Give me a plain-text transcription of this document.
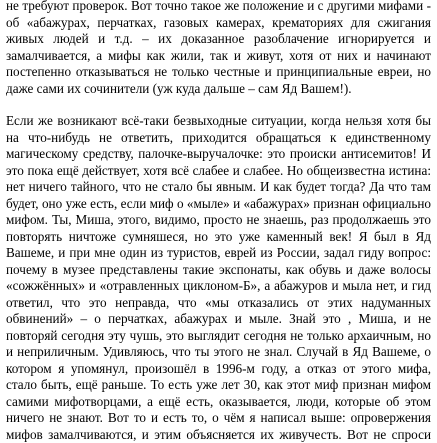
не требуют проверок. Вот точно такое же положение и с другими мифами -
об «абажурах, перчатках, газовых камерах, крематориях для сжигания
живых людей и т.д. – их доказанное разоблачение игнорируется и
замалчивается, а мифы как жили, так и живут, хотя от них и начинают
постепенно отказываться не только честные и принципиальные евреи, но
даже сами их сочинители (уж куда дальше – сам Яд Вашем!).
Если же возникают всё-таки безвыходные ситуации, когда нельзя хотя бы
на что-нибудь не ответить, приходится обращаться к единственному
магическому средству, палочке-выручалочке: это происки антисемитов! И
это пока ещё действует, хотя всё слабее и слабее. Но общеизвестна истина:
нет ничего тайного, что не стало бы явным. И как будет тогда? Да что там
будет, оно уже есть, если миф о «мыле» и «абажурах» признан официально
мифом. Ты, Миша, этого, видимо, просто не знаешь, раз продолжаешь это
повторять ничтоже сумняшеся, но это уже каменный век! Я был в Яд
Вашеме, и при мне один из туристов, еврей из России, задал гиду вопрос:
почему в музее представлены такие экспонаты, как обувь и даже волосы
«сожжённых» и «отравленных циклоном-Б», а абажуров и мыла нет, и гид
ответил, что это неправда, что «мы отказались от этих надуманных
обвинений» – о перчатках, абажурах и мыле. Знай это , Миша, и не
повторяй сегодня эту чушь, это выглядит сегодня не только архаичным, но
и неприличным. Удивляюсь, что ты этого не знал. Случай в Яд Вашеме, о
котором я упомянул, произошёл в 1996-м году, а отказ от этого мифа,
стало быть, ещё раньше. То есть уже лет 30, как этот миф признан мифом
самими мифотворцами, а ещё есть, оказывается, люди, которые об этом
ничего не знают. Вот то и есть то, о чём я написал выше: опровержения
мифов замалчиваются, и этим объясняется их живучесть. Вот не спроси
